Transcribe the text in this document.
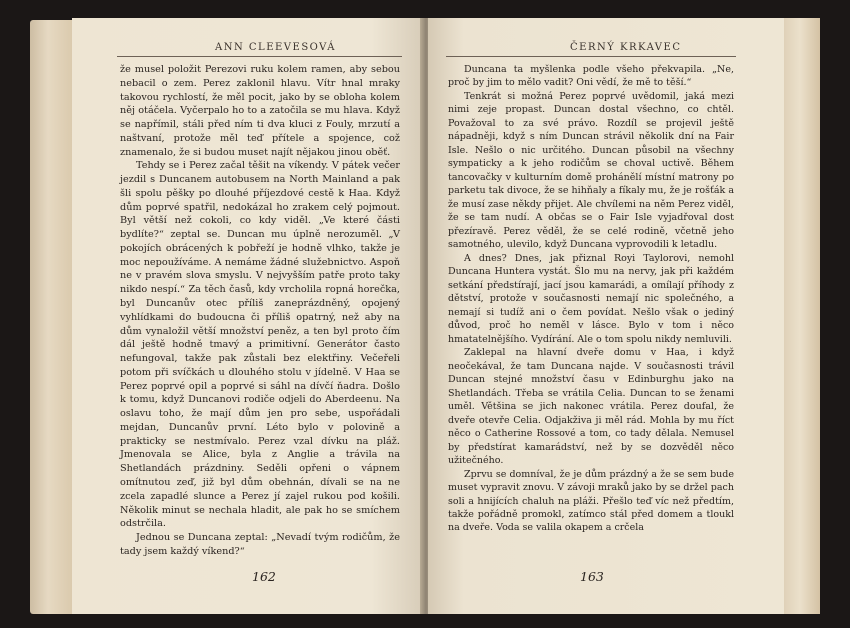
ANN CLEEVESOVÁ

že musel položit Perezovi ruku kolem ramen, aby sebou nebacil o zem. Perez zaklonil hlavu. Vítr hnal mraky takovou rychlostí, že měl pocit, jako by se obloha kolem něj otáčela. Vyčerpalo ho to a zatočila se mu hlava. Když se napřímil, stáli před ním ti dva kluci z Fouly, mrzutí a naštvaní, protože měl teď přítele a spojence, což znamenalo, že si budou muset najít nějakou jinou oběť.

Tehdy se i Perez začal těšit na víkendy. V pátek večer jezdil s Duncanem autobusem na North Mainland a pak šli spolu pěšky po dlouhé příjezdové cestě k Haa. Když dům poprvé spatřil, nedokázal ho zrakem celý pojmout. Byl větší než cokoli, co kdy viděl. „Ve které části bydlíte?“ zeptal se. Duncan mu úplně nerozuměl. „V pokojích obrácených k pobřeží je hodně vlhko, takže je moc nepoužíváme. A nemáme žádné služebnictvo. Aspoň ne v pravém slova smyslu. V nejvyšším patře proto taky nikdo nespí.“ Za těch časů, kdy vrcholila ropná horečka, byl Duncanův otec příliš zaneprázdněný, opojený vyhlídkami do budoucna či příliš opatrný, než aby na dům vynaložil větší množství peněz, a ten byl proto čím dál ještě hodně tmavý a primitivní. Generátor často nefungoval, takže pak zůstali bez elektřiny. Večeřeli potom při svíčkách u dlouhého stolu v jídelně. V Haa se Perez poprvé opil a poprvé si sáhl na dívčí ňadra. Došlo k tomu, když Duncanovi rodiče odjeli do Aberdeenu. Na oslavu toho, že mají dům jen pro sebe, uspořádali mejdan, Duncanův první. Léto bylo v polovině a prakticky se nestmívalo. Perez vzal dívku na pláž. Jmenovala se Alice, byla z Anglie a trávila na Shetlandách prázdniny. Seděli opřeni o vápnem omítnutou zeď, již byl dům obehnán, dívali se na ne zcela zapadlé slunce a Perez jí zajel rukou pod košili. Několik minut se nechala hladit, ale pak ho se smíchem odstrčila.

Jednou se Duncana zeptal: „Nevadí tvým rodičům, že tady jsem každý víkend?“

162
ČERNÝ KRKAVEC

Duncana ta myšlenka podle všeho překvapila. „Ne, proč by jim to mělo vadit? Oni vědí, že mě to těší.“

Tenkrát si možná Perez poprvé uvědomil, jaká mezi nimi zeje propast. Duncan dostal všechno, co chtěl. Považoval to za své právo. Rozdíl se projevil ještě nápadněji, když s ním Duncan strávil několik dní na Fair Isle. Nešlo o nic určitého. Duncan působil na všechny sympaticky a k jeho rodičům se choval uctivě. Během tancovačky v kulturním domě prohánělí místní matrony po parketu tak divoce, že se hihňaly a fíkaly mu, že je rošťák a že musí zase někdy přijet. Ale chvílemi na něm Perez viděl, že se tam nudí. A občas se o Fair Isle vyjadřoval dost přezíravě. Perez věděl, že se celé rodině, včetně jeho samotného, ulevilo, když Duncana vyprovodili k letadlu.

A dnes? Dnes, jak přiznal Royi Taylorovi, nemohl Duncana Huntera vystát. Šlo mu na nervy, jak při každém setkání předstírají, jací jsou kamarádi, a omílají příhody z dětství, protože v současnosti nemají nic společného, a nemají si tudíž ani o čem povídat. Nešlo však o jediný důvod, proč ho neměl v lásce. Bylo v tom i něco hmatatelnějšího. Vydírání. Ale o tom spolu nikdy nemluvili.

Zaklepal na hlavní dveře domu v Haa, i když neočekával, že tam Duncana najde. V současnosti trávil Duncan stejné množství času v Edinburghu jako na Shetlandách. Třeba se vrátila Celia. Duncan to se ženami uměl. Většina se jich nakonec vrátila. Perez doufal, že dveře otevře Celia. Odjakživa ji měl rád. Mohla by mu říct něco o Catherine Rossové a tom, co tady dělala. Nemusel by předstírat kamarádství, než by se dozvěděl něco užitečného.

Zprvu se domníval, že je dům prázdný a že se sem bude muset vypravit znovu. V závoji mraků jako by se držel pach soli a hnijících chaluh na pláži. Přešlo teď víc než předtím, takže pořádně promokl, zatímco stál před domem a tloukl na dveře. Voda se valila okapem a crčela

163
